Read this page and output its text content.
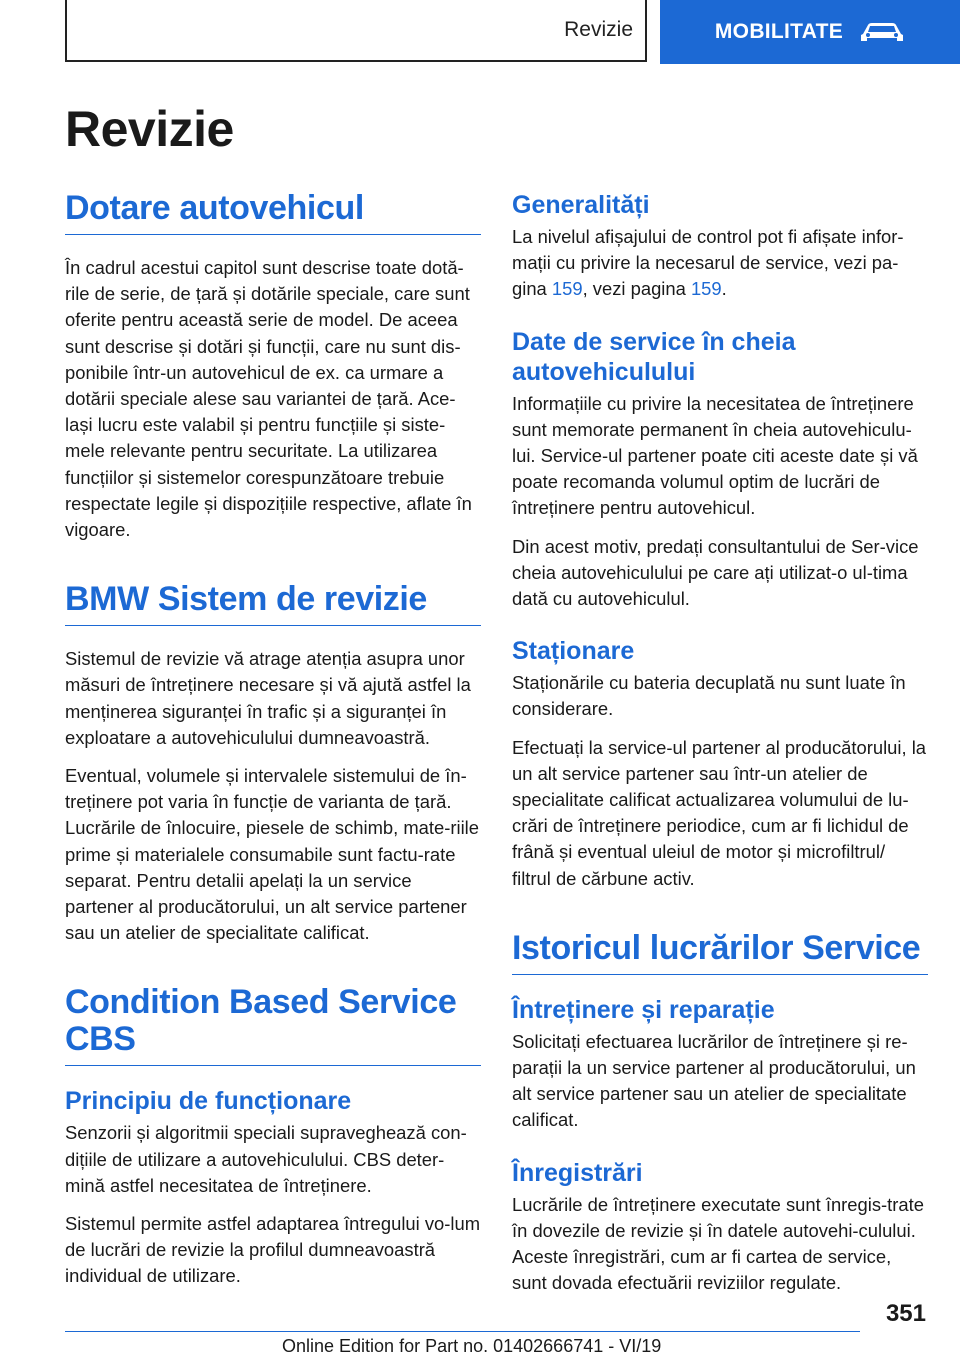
Revizie	MOBILITATE
Revizie
Dotare autovehicul

În cadrul acestui capitol sunt descrise toate dotă‐rile de serie, de țară și dotările speciale, care sunt oferite pentru această serie de model. De aceea sunt descrise și dotări și funcții, care nu sunt dis‐ponibile într-un autovehicul de ex. ca urmare a dotării speciale alese sau variantei de țară. Ace‐lași lucru este valabil și pentru funcțiile și siste‐mele relevante pentru securitate. La utilizarea funcțiilor și sistemelor corespunzătoare trebuie respectate legile și dispozițiile respective, aflate în vigoare.

BMW Sistem de revizie

Sistemul de revizie vă atrage atenția asupra unor măsuri de întreținere necesare și vă ajută astfel la menținerea siguranței în trafic și a siguranței în exploatare a autovehiculului dumneavoastră.

Eventual, volumele și intervalele sistemului de în‐treținere pot varia în funcție de varianta de țară. Lucrările de înlocuire, piesele de schimb, mate‐riile prime și materialele consumabile sunt factu‐rate separat. Pentru detalii apelați la un service partener al producătorului, un alt service partener sau un atelier de specialitate calificat.

Condition Based Service CBS
Principiu de funcționare

Senzorii și algoritmii speciali supraveghează con‐dițiile de utilizare a autovehiculului. CBS deter‐mină astfel necesitatea de întreținere.

Sistemul permite astfel adaptarea întregului vo‐lum de lucrări de revizie la profilul dumneavoastră individual de utilizare.

Generalități

La nivelul afișajului de control pot fi afișate infor‐mații cu privire la necesarul de service, vezi pa‐gina 159, vezi pagina 159.

Date de service în cheia autovehiculului

Informațiile cu privire la necesitatea de întreținere sunt memorate permanent în cheia autovehiculu‐lui. Service-ul partener poate citi aceste date și vă poate recomanda volumul optim de lucrări de întreținere pentru autovehicul.

Din acest motiv, predați consultantului de Ser‐vice cheia autovehiculului pe care ați utilizat-o ul‐tima dată cu autovehiculul.

Staționare

Staționările cu bateria decuplată nu sunt luate în considerare.

Efectuați la service-ul partener al producătorului, la un alt service partener sau într-un atelier de specialitate calificat actualizarea volumului de lu‐crări de întreținere periodice, cum ar fi lichidul de frână și eventual uleiul de motor și microfiltrul/ filtrul de cărbune activ.

Istoricul lucrărilor Service
Întreținere și reparație

Solicitați efectuarea lucrărilor de întreținere și re‐parații la un service partener al producătorului, un alt service partener sau un atelier de specialitate calificat.

Înregistrări

Lucrările de întreținere executate sunt înregis‐trate în dovezile de revizie și în datele autovehi‐culului. Aceste înregistrări, cum ar fi cartea de service, sunt dovada efectuării reviziilor regulate.

351
Online Edition for Part no. 01402666741 - VI/19
